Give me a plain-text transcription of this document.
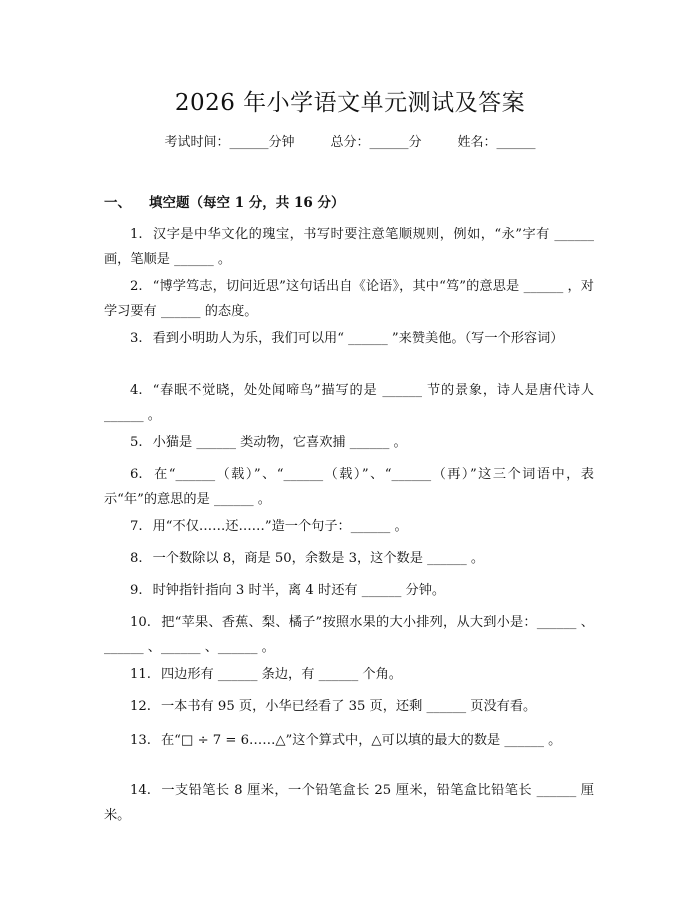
2026 年小学语文单元测试及答案
考试时间：______分钟	总分：______分	姓名：______
一、 填空题（每空 1 分，共 16 分）
1. 汉字是中华文化的瑰宝，书写时要注意笔顺规则，例如，“永”字有 ______ 画，笔顺是 ______ 。
2. “博学笃志，切问近思”这句话出自《论语》，其中“笃”的意思是 ______ ，对学习要有 ______ 的态度。
3. 看到小明助人为乐，我们可以用“ ______ ”来赞美他。（写一个形容词）
4. “春眠不觉晓，处处闻啼鸟”描写的是 ______ 节的景象，诗人是唐代诗人 ______ 。
5. 小猫是 ______ 类动物，它喜欢捕 ______ 。
6. 在“______（载）”、“______（载）”、“______（再）”这三个词语中，表示“年”的意思的是 ______ 。
7. 用“不仅……还……”造一个句子：______ 。
8. 一个数除以 8，商是 50，余数是 3，这个数是 ______ 。
9. 时钟指针指向 3 时半，离 4 时还有 ______ 分钟。
10. 把“苹果、香蕉、梨、橘子”按照水果的大小排列，从大到小是：______ 、______ 、______ 、______ 。
11. 四边形有 ______ 条边，有 ______ 个角。
12. 一本书有 95 页，小华已经看了 35 页，还剩 ______ 页没有看。
13. 在“□ ÷ 7 = 6……△”这个算式中，△可以填的最大的数是 ______ 。
14. 一支铅笔长 8 厘米，一个铅笔盒长 25 厘米，铅笔盒比铅笔长 ______ 厘米。
